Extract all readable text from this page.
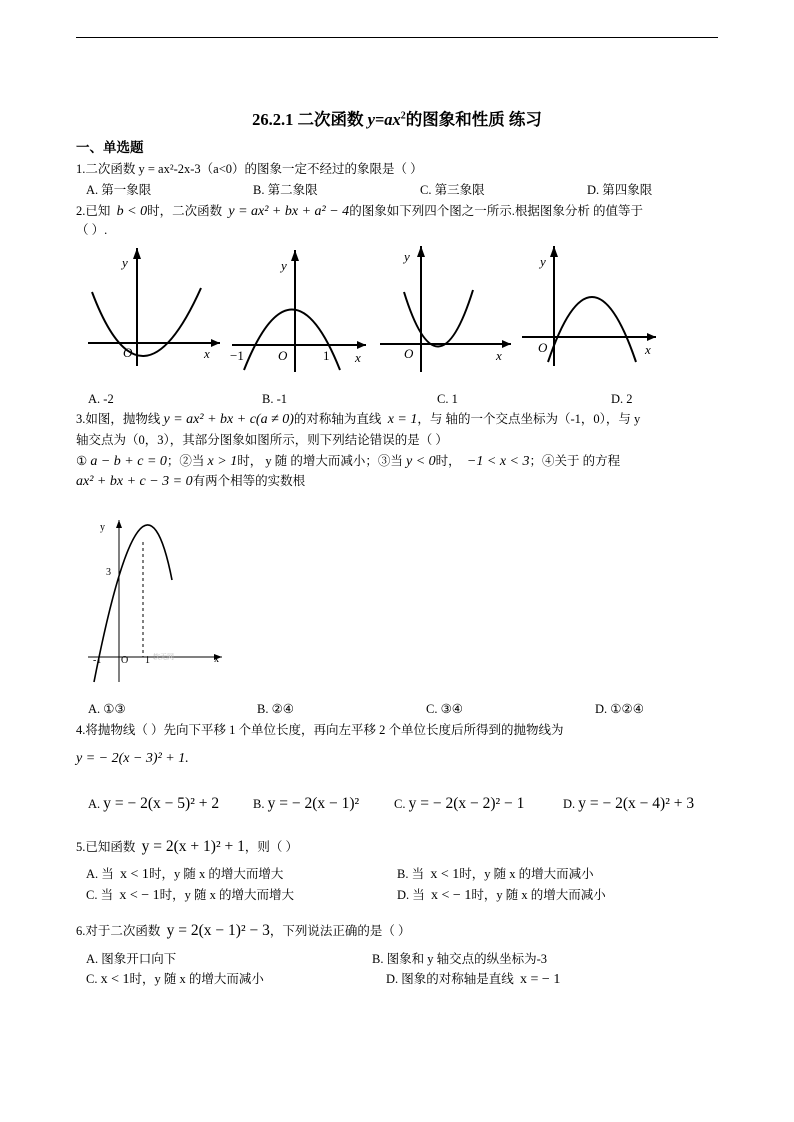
26.2.1 二次函数 $y=ax^2$的图象和性质 练习
一、单选题
1.二次函数 y = ax²-2x-3（a<0）的图象一定不经过的象限是（ ）
A. 第一象限	B. 第二象限	C. 第三象限	D. 第四象限
2.已知 b < 0时，二次函数 y = ax² + bx + a² − 4的图象如下列四个图之一所示.根据图象分析 的值等于
（ ）.
y
x
O
y
x
O
−1	1
y
x
O
y
x
O
A. -2	B. -1	C. 1	D. 2
3.如图，抛物线 y = ax² + bx + c(a ≠ 0)的对称轴为直线 x = 1，与 轴的一个交点坐标为（-1，0），与 y
轴交点为（0，3），其部分图象如图所示，则下列结论错误的是（ ）
① a − b + c = 0；②当 x > 1时， y 随 的增大而减小；③当 y < 0时， −1 < x < 3；④关于 的方程
ax² + bx + c − 3 = 0有两个相等的实数根
y
x
3
-1 O 1 软无网
A. ①③	B. ②④	C. ③④	D. ①②④
4.将抛物线（ ）先向下平移 1 个单位长度，再向左平移 2 个单位长度后所得到的抛物线为
y = − 2(x − 3)² + 1.
A. y = − 2(x − 5)² + 2	B. y = − 2(x − 1)²	C. y = − 2(x − 2)² − 1	D. y = − 2(x − 4)² + 3
5.已知函数 y = 2(x + 1)² + 1，则（ ）
A. 当 x < 1时，y 随 x 的增大而增大	B. 当 x < 1时，y 随 x 的增大而减小
C. 当 x < − 1时，y 随 x 的增大而增大	D. 当 x < − 1时，y 随 x 的增大而减小
6.对于二次函数 y = 2(x − 1)² − 3，下列说法正确的是（ ）
A. 图象开口向下	B. 图象和 y 轴交点的纵坐标为-3
C. x < 1时，y 随 x 的增大而减小	D. 图象的对称轴是直线 x = − 1
